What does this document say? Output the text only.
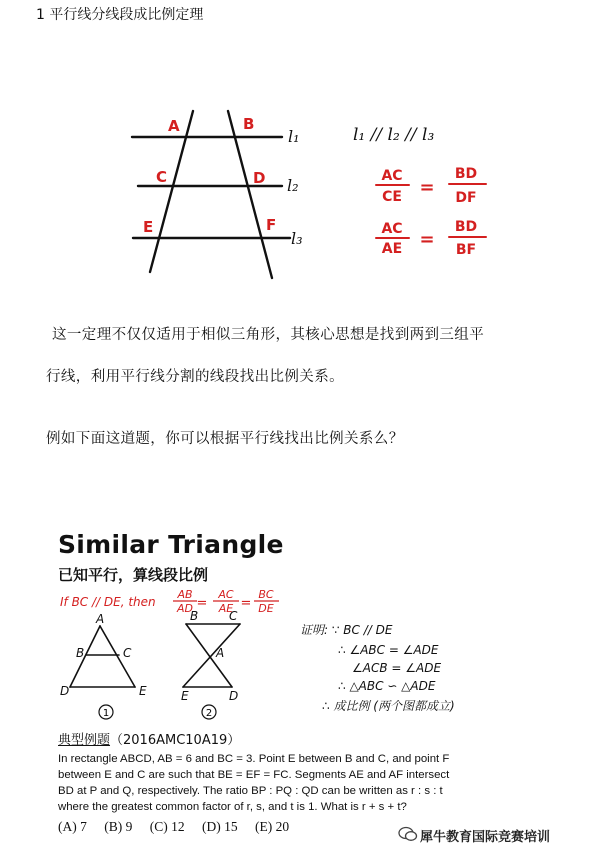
1 平行线分线段成比例定理
A	B
C	D
E	F
l₁
l₂
l₃
l₁ // l₂ // l₃
AC
CE =
BD
DF
AC
AE =
BD
BF
这一定理不仅仅适用于相似三角形，其核心思想是找到两到三组平
行线，利用平行线分割的线段找出比例关系。
例如下面这道题，你可以根据平行线找出比例关系么？
Similar Triangle
已知平行，算线段比例
If BC // DE, then
AB
AD =
AC
AE =
BC
DE
A
B	C
D	E
1
B	C
A
E	D
2
证明: ∵ BC // DE
∴ ∠ABC = ∠ADE
∠ACB = ∠ADE
∴ △ABC ∽ △ADE
∴ 成比例 (两个图都成立)
典型例题（2016AMC10A19）
In rectangle ABCD, AB = 6 and BC = 3. Point E between B and C, and point F
between E and C are such that BE = EF = FC. Segments AE and AF intersect
BD at P and Q, respectively. The ratio BP : PQ : QD can be written as r : s : t
where the greatest common factor of r, s, and t is 1. What is r + s + t?
(A) 7 (B) 9 (C) 12 (D) 15 (E) 20
犀牛教育国际竞赛培训
